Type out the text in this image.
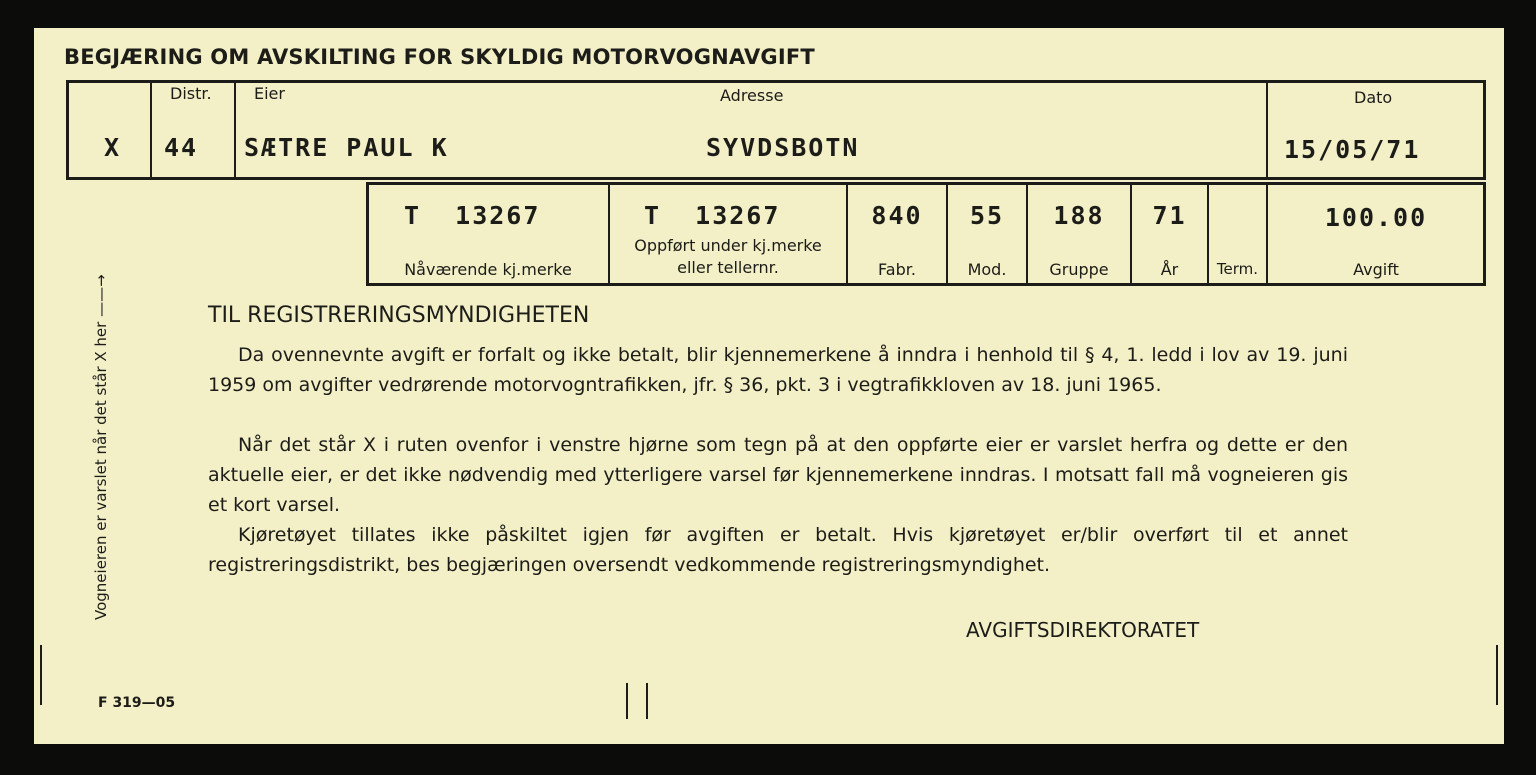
BEGJÆRING OM AVSKILTING FOR SKYLDIG MOTORVOGNAVGIFT
X
Distr.
44
Eier
SÆTRE PAUL K
Adresse
SYVDSBOTN
Dato
15/05/71
T  13267
Nåværende kj.merke
T  13267
Oppført under kj.merke
eller tellernr.
840
Fabr.
55
Mod.
188
Gruppe
71
År	Term.
100.00
Avgift
Vogneieren er varslet når det står X her ——→	TIL REGISTRERINGSMYNDIGHETEN
Da ovennevnte avgift er forfalt og ikke betalt, blir kjennemerkene å inndra i henhold til § 4, 1. ledd i lov av 19. juni 1959 om avgifter vedrørende motorvogntrafikken, jfr. § 36, pkt. 3 i vegtrafikkloven av 18. juni 1965.
Når det står X i ruten ovenfor i venstre hjørne som tegn på at den oppførte eier er varslet herfra og dette er den aktuelle eier, er det ikke nødvendig med ytterligere varsel før kjennemerkene inndras. I motsatt fall må vogneieren gis et kort varsel.
Kjøretøyet tillates ikke påskiltet igjen før avgiften er betalt. Hvis kjøretøyet er/blir overført til et annet registreringsdistrikt, bes begjæringen oversendt vedkommende registreringsmyndighet.
AVGIFTSDIREKTORATET
F 319—05
